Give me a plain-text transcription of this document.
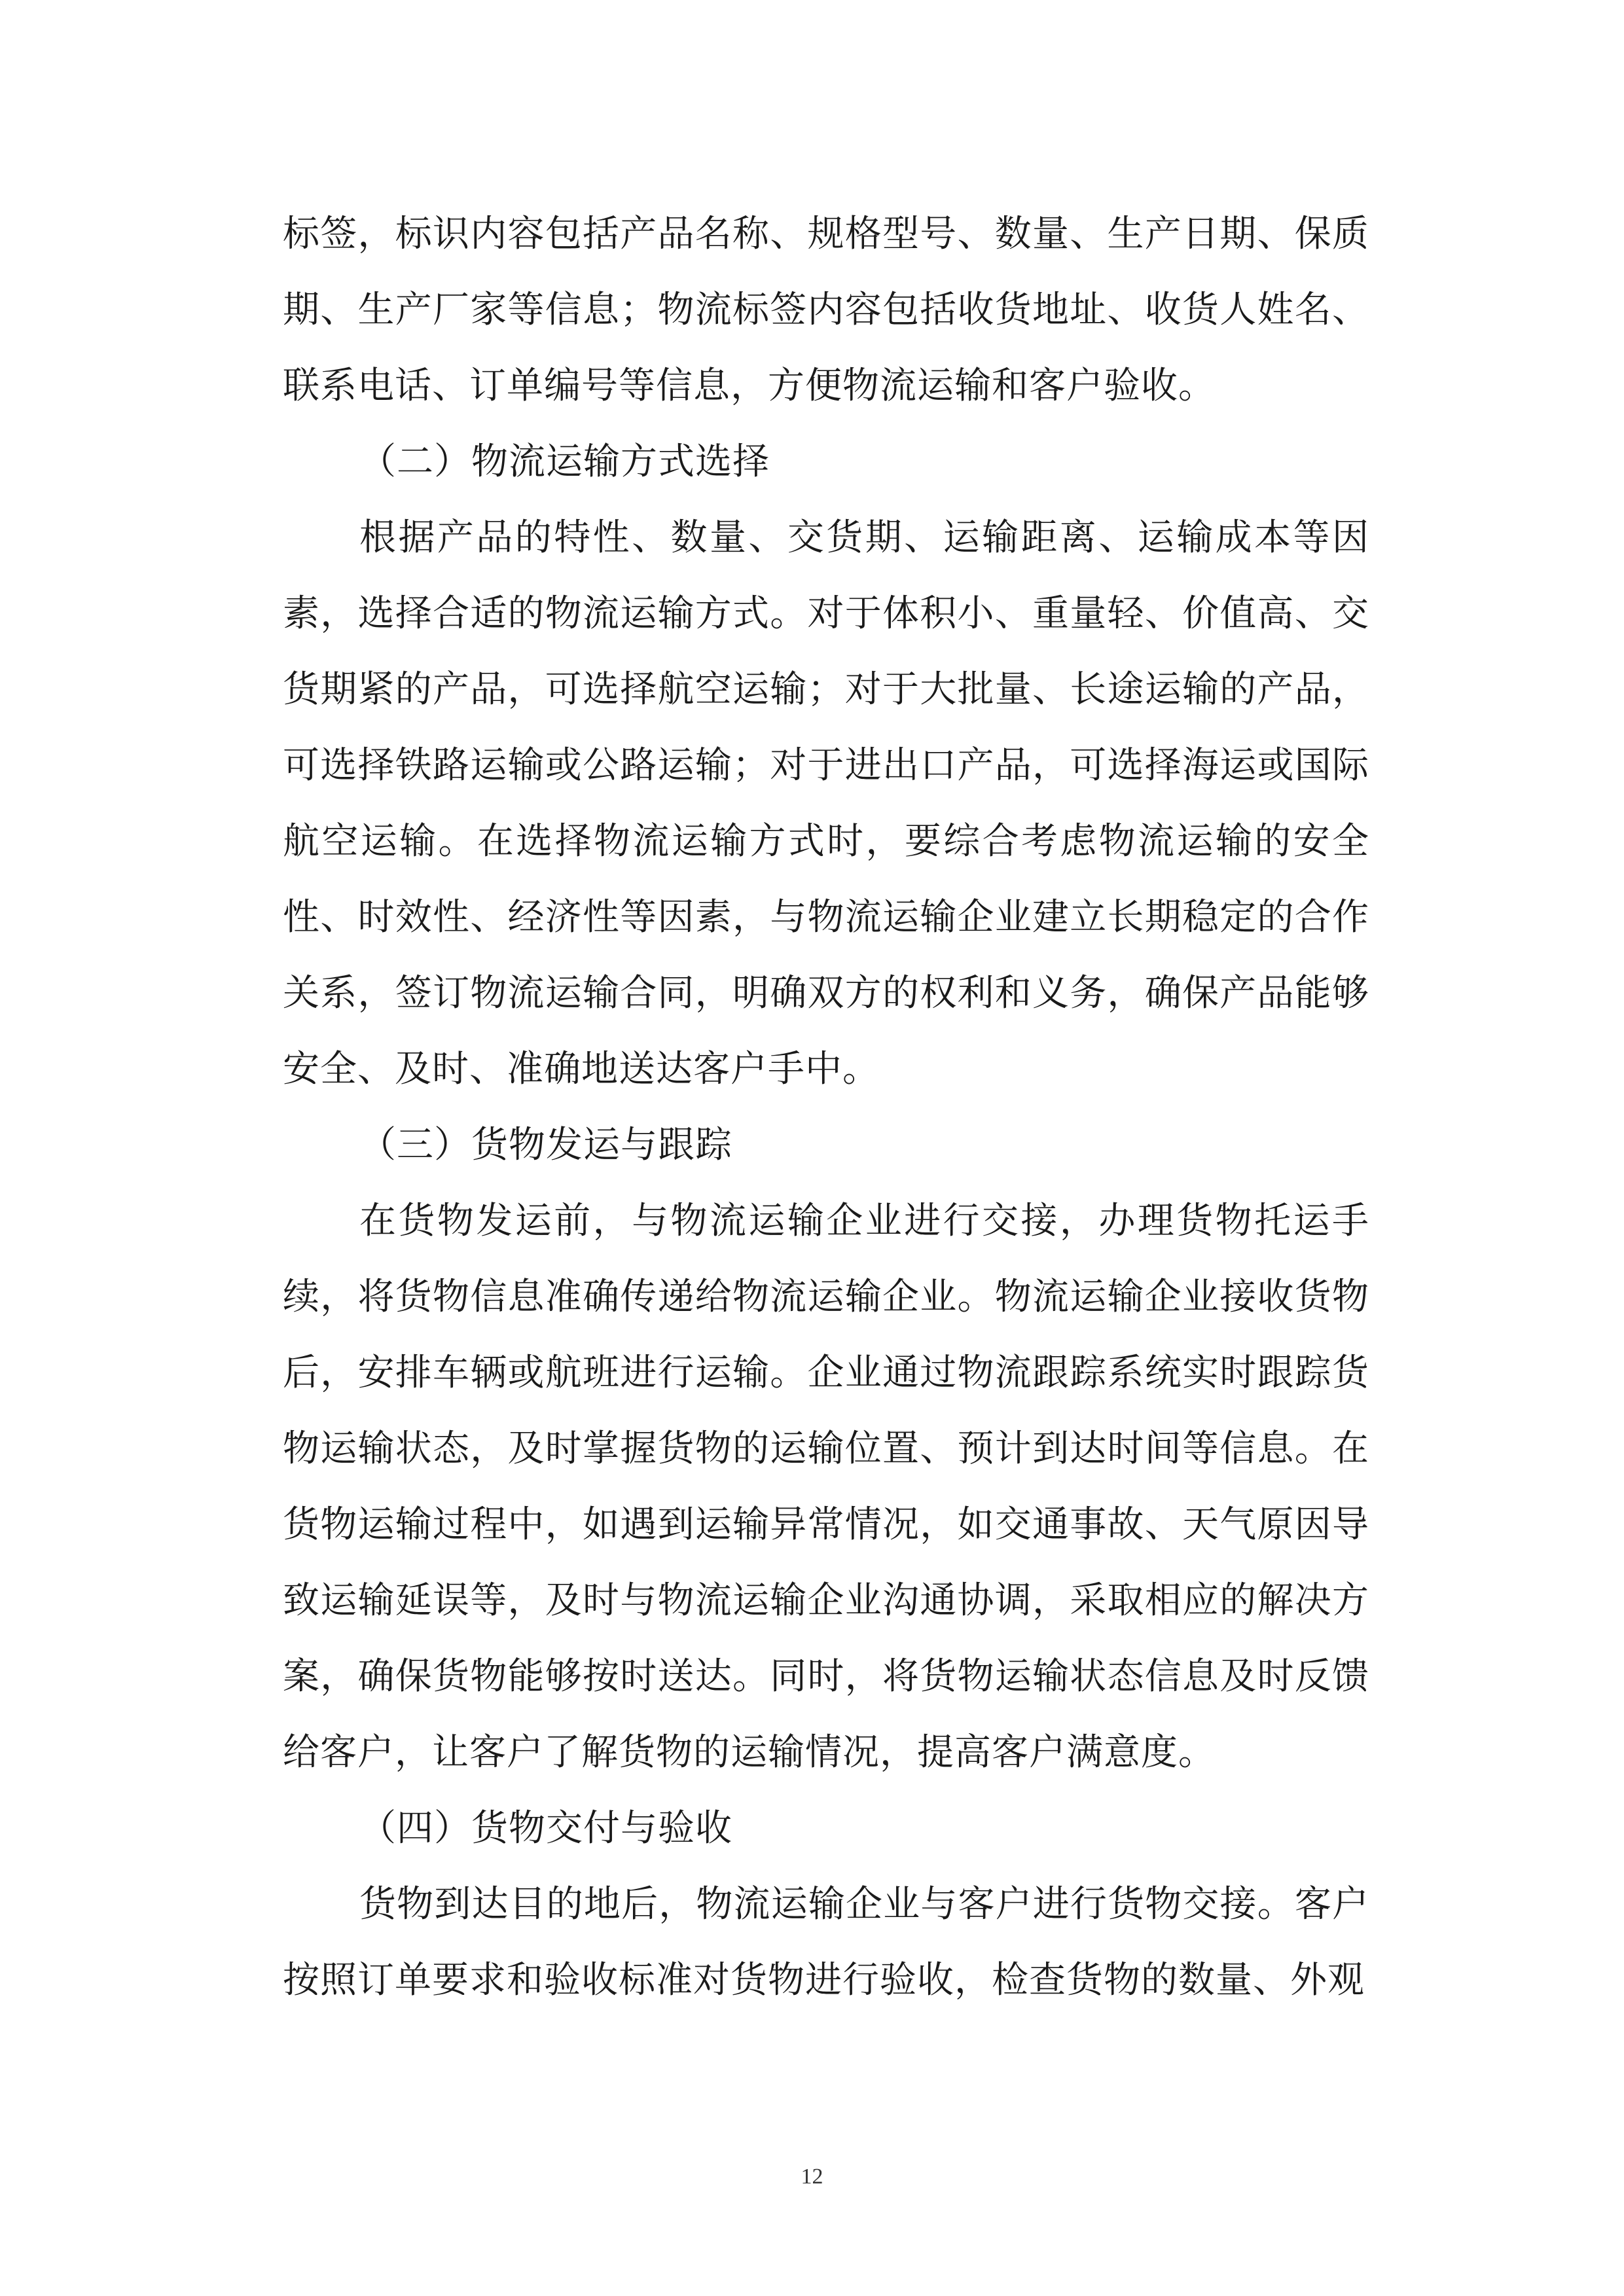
标签，标识内容包括产品名称、规格型号、数量、生产日期、保质期、生产厂家等信息；物流标签内容包括收货地址、收货人姓名、联系电话、订单编号等信息，方便物流运输和客户验收。

（二）物流运输方式选择

根据产品的特性、数量、交货期、运输距离、运输成本等因素，选择合适的物流运输方式。对于体积小、重量轻、价值高、交货期紧的产品，可选择航空运输；对于大批量、长途运输的产品，可选择铁路运输或公路运输；对于进出口产品，可选择海运或国际航空运输。在选择物流运输方式时，要综合考虑物流运输的安全性、时效性、经济性等因素，与物流运输企业建立长期稳定的合作关系，签订物流运输合同，明确双方的权利和义务，确保产品能够安全、及时、准确地送达客户手中。

（三）货物发运与跟踪

在货物发运前，与物流运输企业进行交接，办理货物托运手续，将货物信息准确传递给物流运输企业。物流运输企业接收货物后，安排车辆或航班进行运输。企业通过物流跟踪系统实时跟踪货物运输状态，及时掌握货物的运输位置、预计到达时间等信息。在货物运输过程中，如遇到运输异常情况，如交通事故、天气原因导致运输延误等，及时与物流运输企业沟通协调，采取相应的解决方案，确保货物能够按时送达。同时，将货物运输状态信息及时反馈给客户，让客户了解货物的运输情况，提高客户满意度。

（四）货物交付与验收

货物到达目的地后，物流运输企业与客户进行货物交接。客户按照订单要求和验收标准对货物进行验收，检查货物的数量、外观

12
